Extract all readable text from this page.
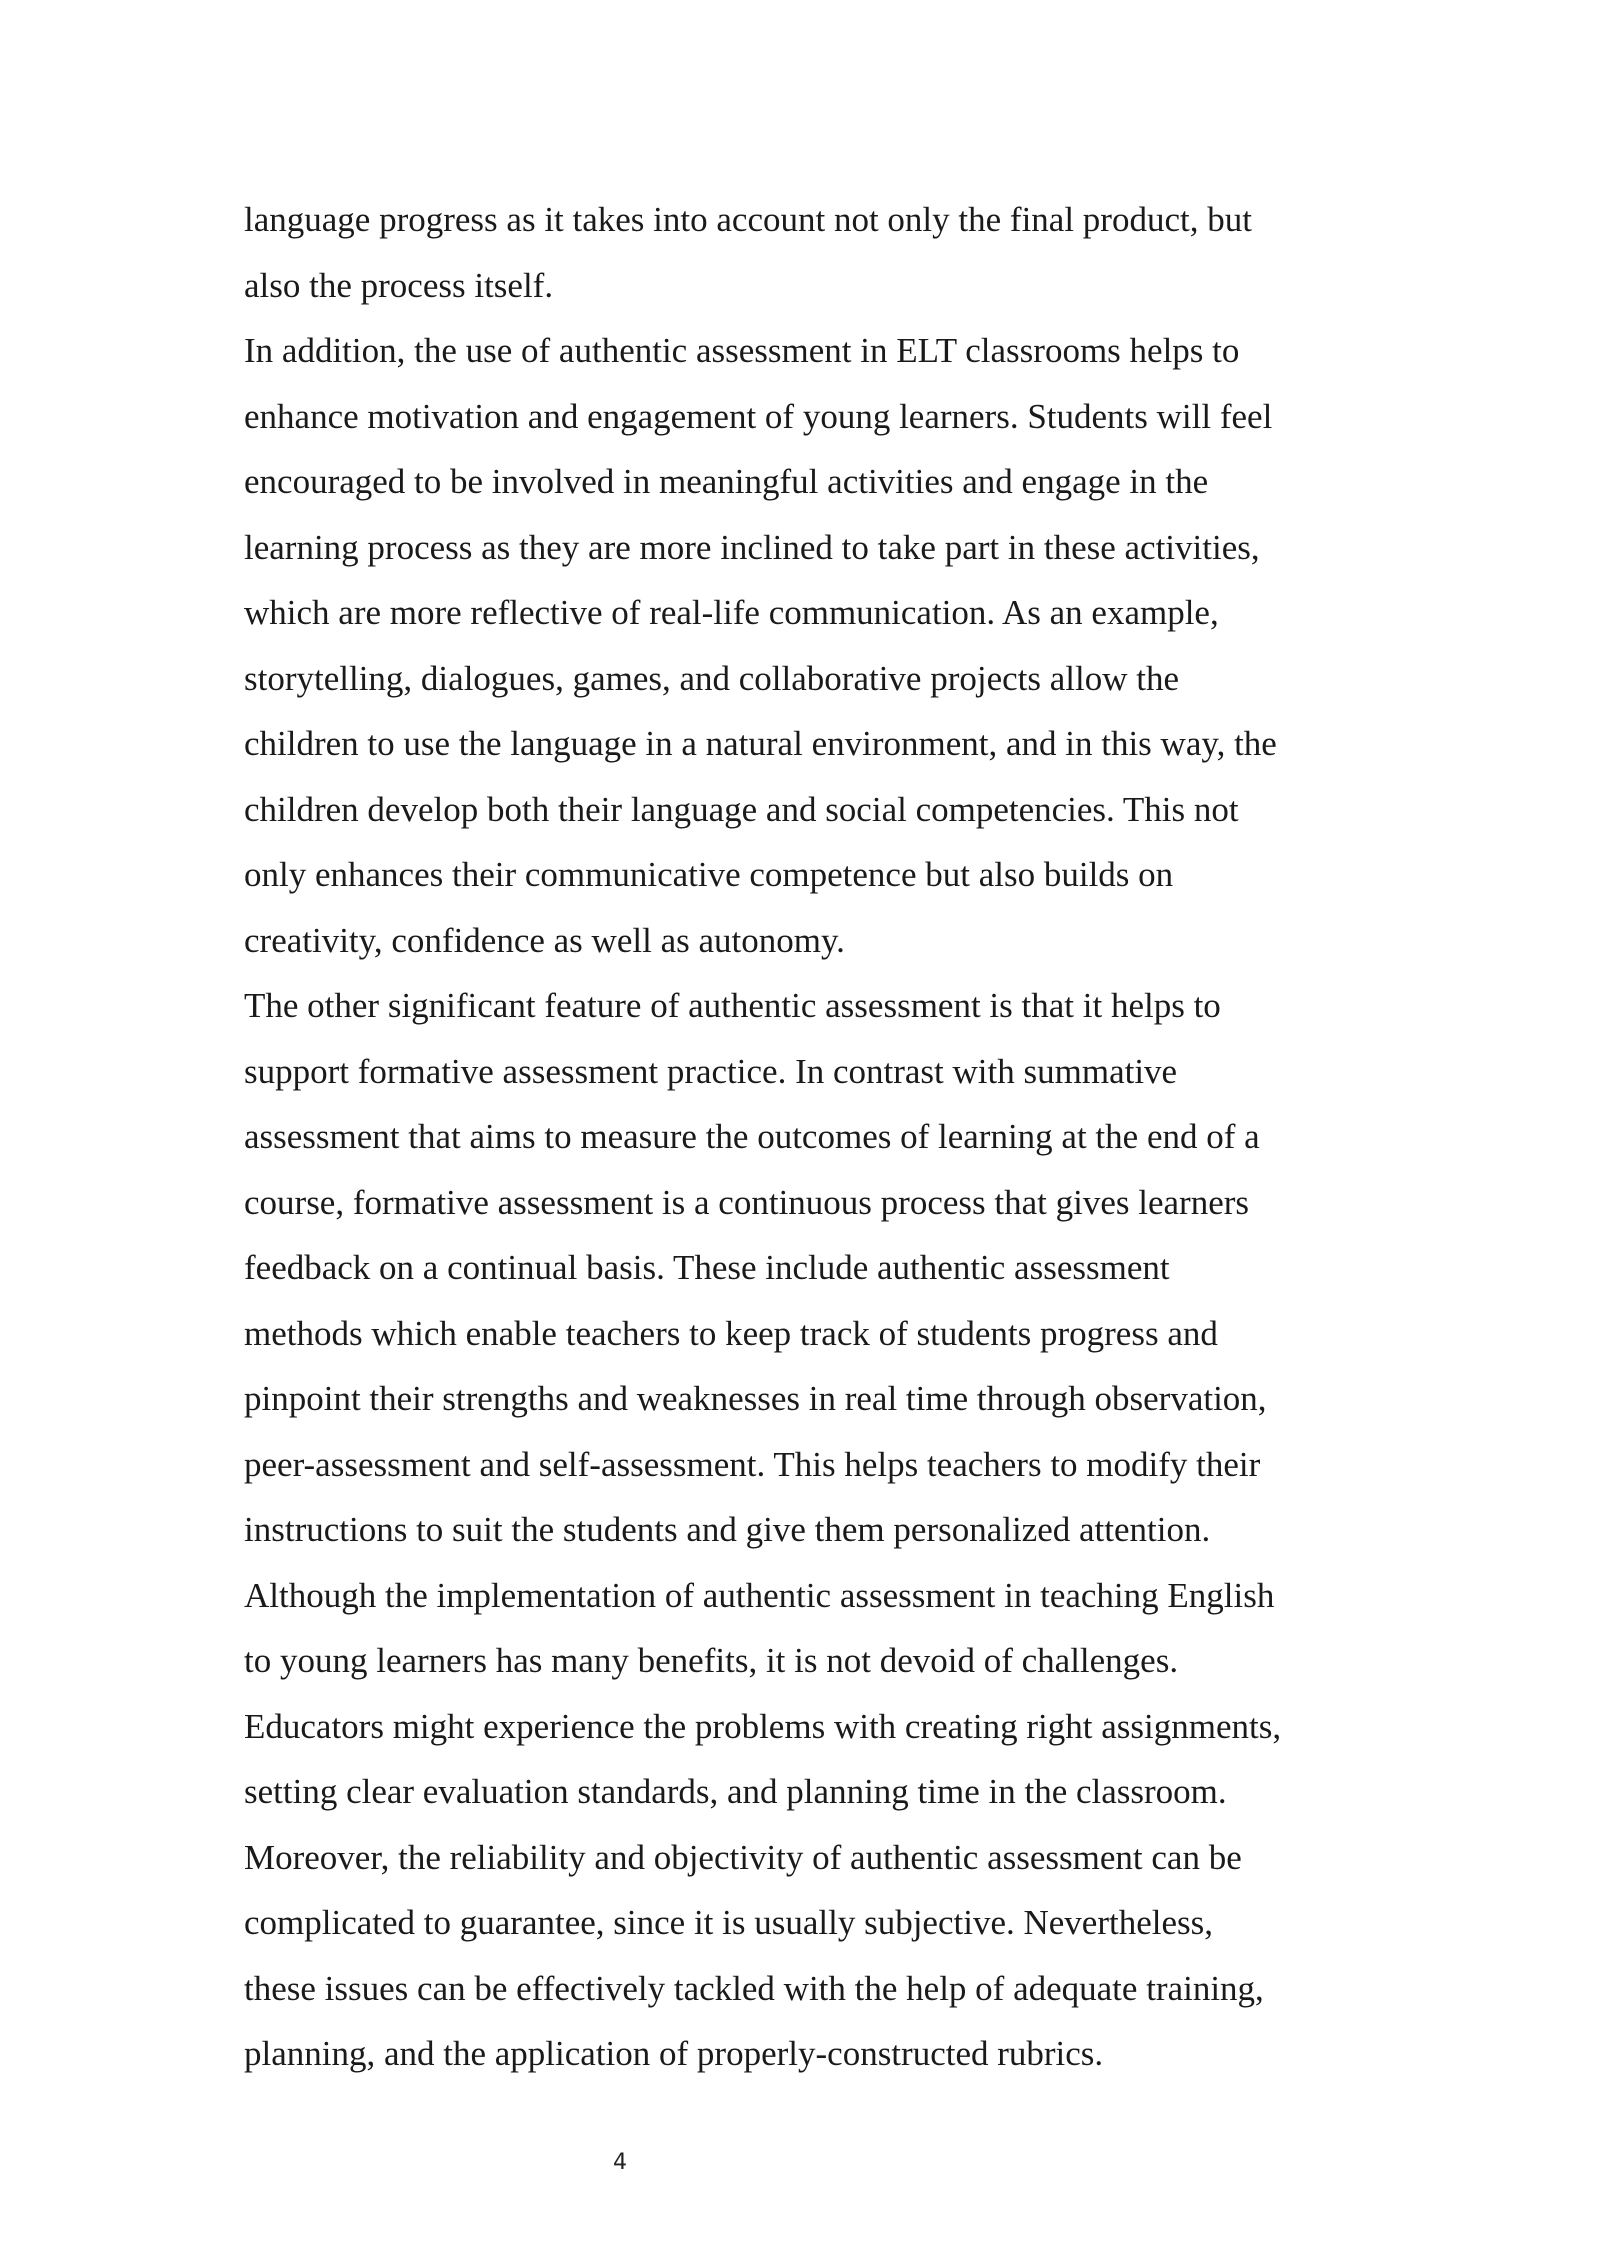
language progress as it takes into account not only the final product, but
also the process itself.
In addition, the use of authentic assessment in ELT classrooms helps to
enhance motivation and engagement of young learners. Students will feel
encouraged to be involved in meaningful activities and engage in the
learning process as they are more inclined to take part in these activities,
which are more reflective of real-life communication. As an example,
storytelling, dialogues, games, and collaborative projects allow the
children to use the language in a natural environment, and in this way, the
children develop both their language and social competencies. This not
only enhances their communicative competence but also builds on
creativity, confidence as well as autonomy.
The other significant feature of authentic assessment is that it helps to
support formative assessment practice. In contrast with summative
assessment that aims to measure the outcomes of learning at the end of a
course, formative assessment is a continuous process that gives learners
feedback on a continual basis. These include authentic assessment
methods which enable teachers to keep track of students progress and
pinpoint their strengths and weaknesses in real time through observation,
peer-assessment and self-assessment. This helps teachers to modify their
instructions to suit the students and give them personalized attention.
Although the implementation of authentic assessment in teaching English
to young learners has many benefits, it is not devoid of challenges.
Educators might experience the problems with creating right assignments,
setting clear evaluation standards, and planning time in the classroom.
Moreover, the reliability and objectivity of authentic assessment can be
complicated to guarantee, since it is usually subjective. Nevertheless,
these issues can be effectively tackled with the help of adequate training,
planning, and the application of properly-constructed rubrics.
4
